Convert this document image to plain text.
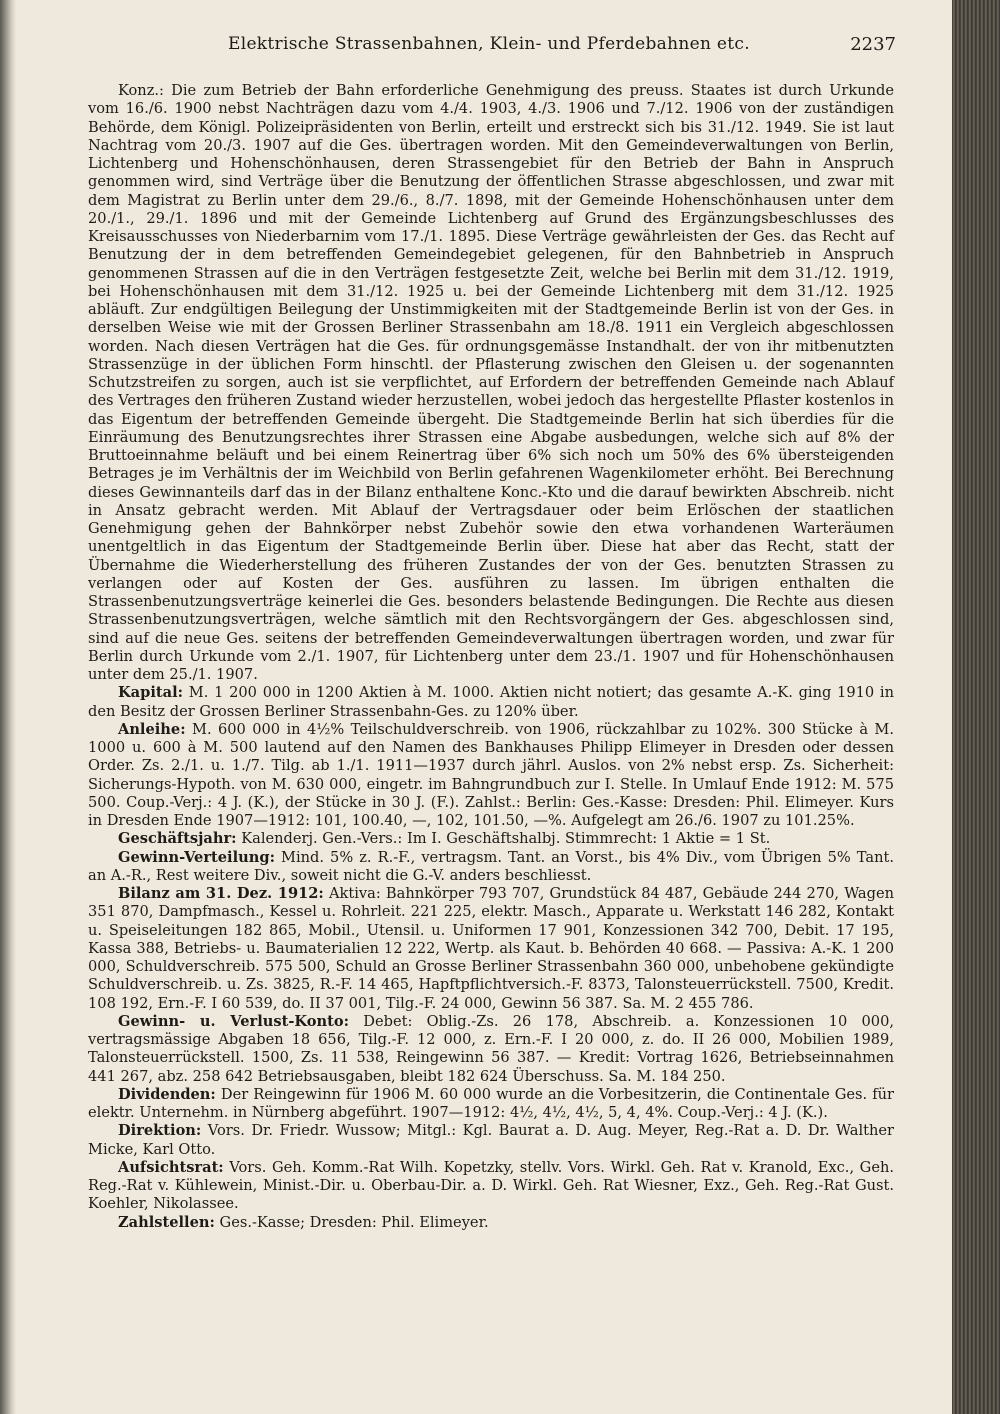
Elektrische Strassenbahnen, Klein- und Pferdebahnen etc.	2237

Konz.: Die zum Betrieb der Bahn erforderliche Genehmigung des preuss. Staates ist durch Urkunde vom 16./6. 1900 nebst Nachträgen dazu vom 4./4. 1903, 4./3. 1906 und 7./12. 1906 von der zuständigen Behörde, dem Königl. Polizeipräsidenten von Berlin, erteilt und erstreckt sich bis 31./12. 1949. Sie ist laut Nachtrag vom 20./3. 1907 auf die Ges. übertragen worden. Mit den Gemeindeverwaltungen von Berlin, Lichtenberg und Hohenschönhausen, deren Strassengebiet für den Betrieb der Bahn in Anspruch genommen wird, sind Verträge über die Benutzung der öffentlichen Strasse abgeschlossen, und zwar mit dem Magistrat zu Berlin unter dem 29./6., 8./7. 1898, mit der Gemeinde Hohenschönhausen unter dem 20./1., 29./1. 1896 und mit der Gemeinde Lichtenberg auf Grund des Ergänzungsbeschlusses des Kreisausschusses von Niederbarnim vom 17./1. 1895. Diese Verträge gewährleisten der Ges. das Recht auf Benutzung der in dem betreffenden Gemeindegebiet gelegenen, für den Bahnbetrieb in Anspruch genommenen Strassen auf die in den Verträgen festgesetzte Zeit, welche bei Berlin mit dem 31./12. 1919, bei Hohenschönhausen mit dem 31./12. 1925 u. bei der Gemeinde Lichtenberg mit dem 31./12. 1925 abläuft. Zur endgültigen Beilegung der Unstimmigkeiten mit der Stadtgemeinde Berlin ist von der Ges. in derselben Weise wie mit der Grossen Berliner Strassenbahn am 18./8. 1911 ein Vergleich abgeschlossen worden. Nach diesen Verträgen hat die Ges. für ordnungsgemässe Instandhalt. der von ihr mitbenutzten Strassenzüge in der üblichen Form hinschtl. der Pflasterung zwischen den Gleisen u. der sogenannten Schutzstreifen zu sorgen, auch ist sie verpflichtet, auf Erfordern der betreffenden Gemeinde nach Ablauf des Vertrages den früheren Zustand wieder herzustellen, wobei jedoch das hergestellte Pflaster kostenlos in das Eigentum der betreffenden Gemeinde übergeht. Die Stadtgemeinde Berlin hat sich überdies für die Einräumung des Benutzungsrechtes ihrer Strassen eine Abgabe ausbedungen, welche sich auf 8% der Bruttoeinnahme beläuft und bei einem Reinertrag über 6% sich noch um 50% des 6% übersteigenden Betrages je im Verhältnis der im Weichbild von Berlin gefahrenen Wagenkilometer erhöht. Bei Berechnung dieses Gewinnanteils darf das in der Bilanz enthaltene Konc.-Kto und die darauf bewirkten Abschreib. nicht in Ansatz gebracht werden. Mit Ablauf der Vertragsdauer oder beim Erlöschen der staatlichen Genehmigung gehen der Bahnkörper nebst Zubehör sowie den etwa vorhandenen Warteräumen unentgeltlich in das Eigentum der Stadtgemeinde Berlin über. Diese hat aber das Recht, statt der Übernahme die Wiederherstellung des früheren Zustandes der von der Ges. benutzten Strassen zu verlangen oder auf Kosten der Ges. ausführen zu lassen. Im übrigen enthalten die Strassenbenutzungsverträge keinerlei die Ges. besonders belastende Bedingungen. Die Rechte aus diesen Strassenbenutzungsverträgen, welche sämtlich mit den Rechtsvorgängern der Ges. abgeschlossen sind, sind auf die neue Ges. seitens der betreffenden Gemeindeverwaltungen übertragen worden, und zwar für Berlin durch Urkunde vom 2./1. 1907, für Lichtenberg unter dem 23./1. 1907 und für Hohenschönhausen unter dem 25./1. 1907.

Kapital: M. 1 200 000 in 1200 Aktien à M. 1000. Aktien nicht notiert; das gesamte A.-K. ging 1910 in den Besitz der Grossen Berliner Strassenbahn-Ges. zu 120% über.

Anleihe: M. 600 000 in 4½% Teilschuldverschreib. von 1906, rückzahlbar zu 102%. 300 Stücke à M. 1000 u. 600 à M. 500 lautend auf den Namen des Bankhauses Philipp Elimeyer in Dresden oder dessen Order. Zs. 2./1. u. 1./7. Tilg. ab 1./1. 1911—1937 durch jährl. Auslos. von 2% nebst ersp. Zs. Sicherheit: Sicherungs-Hypoth. von M. 630 000, eingetr. im Bahngrundbuch zur I. Stelle. In Umlauf Ende 1912: M. 575 500. Coup.-Verj.: 4 J. (K.), der Stücke in 30 J. (F.). Zahlst.: Berlin: Ges.-Kasse: Dresden: Phil. Elimeyer. Kurs in Dresden Ende 1907—1912: 101, 100.40, —, 102, 101.50, —%. Aufgelegt am 26./6. 1907 zu 101.25%.

Geschäftsjahr: Kalenderj. Gen.-Vers.: Im I. Geschäftshalbj. Stimmrecht: 1 Aktie = 1 St.

Gewinn-Verteilung: Mind. 5% z. R.-F., vertragsm. Tant. an Vorst., bis 4% Div., vom Übrigen 5% Tant. an A.-R., Rest weitere Div., soweit nicht die G.-V. anders beschliesst.

Bilanz am 31. Dez. 1912: Aktiva: Bahnkörper 793 707, Grundstück 84 487, Gebäude 244 270, Wagen 351 870, Dampfmasch., Kessel u. Rohrleit. 221 225, elektr. Masch., Apparate u. Werkstatt 146 282, Kontakt u. Speiseleitungen 182 865, Mobil., Utensil. u. Uniformen 17 901, Konzessionen 342 700, Debit. 17 195, Kassa 388, Betriebs- u. Baumaterialien 12 222, Wertp. als Kaut. b. Behörden 40 668. — Passiva: A.-K. 1 200 000, Schuldverschreib. 575 500, Schuld an Grosse Berliner Strassenbahn 360 000, unbehobene gekündigte Schuldverschreib. u. Zs. 3825, R.-F. 14 465, Hapftpflichtversich.-F. 8373, Talonsteuerrückstell. 7500, Kredit. 108 192, Ern.-F. I 60 539, do. II 37 001, Tilg.-F. 24 000, Gewinn 56 387. Sa. M. 2 455 786.

Gewinn- u. Verlust-Konto: Debet: Oblig.-Zs. 26 178, Abschreib. a. Konzessionen 10 000, vertragsmässige Abgaben 18 656, Tilg.-F. 12 000, z. Ern.-F. I 20 000, z. do. II 26 000, Mobilien 1989, Talonsteuerrückstell. 1500, Zs. 11 538, Reingewinn 56 387. — Kredit: Vortrag 1626, Betriebseinnahmen 441 267, abz. 258 642 Betriebsausgaben, bleibt 182 624 Überschuss. Sa. M. 184 250.

Dividenden: Der Reingewinn für 1906 M. 60 000 wurde an die Vorbesitzerin, die Continentale Ges. für elektr. Unternehm. in Nürnberg abgeführt. 1907—1912: 4½, 4½, 4½, 5, 4, 4%. Coup.-Verj.: 4 J. (K.).

Direktion: Vors. Dr. Friedr. Wussow; Mitgl.: Kgl. Baurat a. D. Aug. Meyer, Reg.-Rat a. D. Dr. Walther Micke, Karl Otto.

Aufsichtsrat: Vors. Geh. Komm.-Rat Wilh. Kopetzky, stellv. Vors. Wirkl. Geh. Rat v. Kranold, Exc., Geh. Reg.-Rat v. Kühlewein, Minist.-Dir. u. Oberbau-Dir. a. D. Wirkl. Geh. Rat Wiesner, Exz., Geh. Reg.-Rat Gust. Koehler, Nikolassee.

Zahlstellen: Ges.-Kasse; Dresden: Phil. Elimeyer.
